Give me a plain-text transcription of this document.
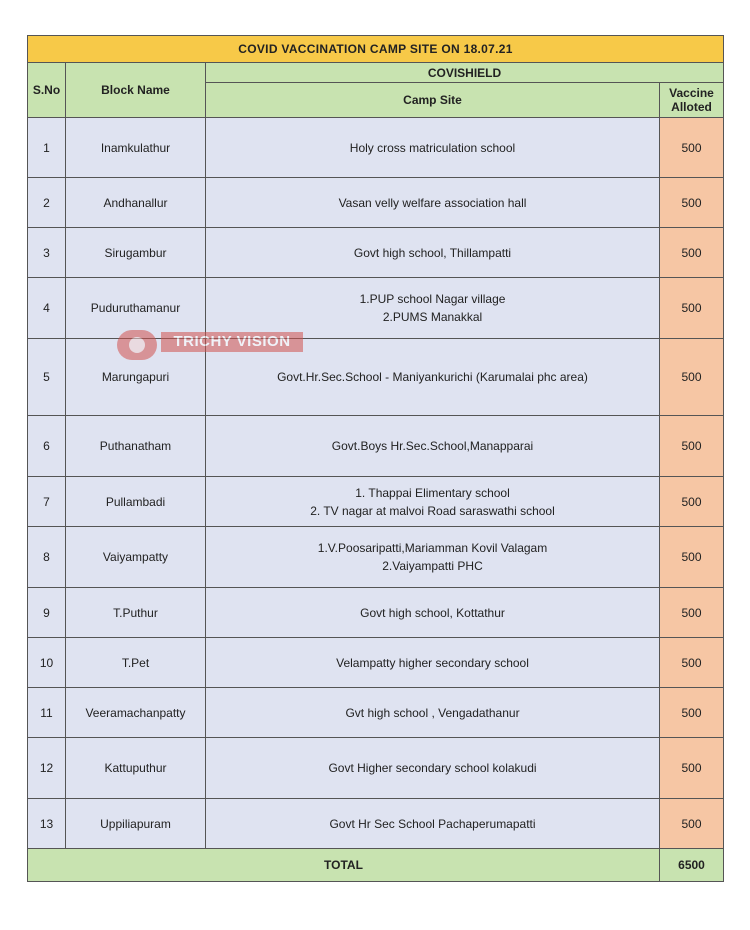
COVID VACCINATION CAMP SITE ON 18.07.21			
S.No	Block Name	COVISHIELD	
		Camp Site	Vaccine
Alloted
1	Inamkulathur	Holy cross matriculation school	500
2	Andhanallur	Vasan velly welfare association hall	500
3	Sirugambur	Govt high school, Thillampatti	500
4	Puduruthamanur	1.PUP school Nagar village
2.PUMS Manakkal	500
5	Marungapuri	Govt.Hr.Sec.School - Maniyankurichi (Karumalai phc area)	500
6	Puthanatham	Govt.Boys Hr.Sec.School,Manapparai	500
7	Pullambadi	1. Thappai Elimentary school
2. TV nagar at malvoi Road saraswathi school	500
8	Vaiyampatty	1.V.Poosaripatti,Mariamman Kovil Valagam
2.Vaiyampatti PHC	500
9	T.Puthur	Govt high school, Kottathur	500
10	T.Pet	Velampatty higher secondary school	500
11	Veeramachanpatty	Gvt high school , Vengadathanur	500
12	Kattuputhur	Govt Higher secondary school kolakudi	500
13	Uppiliapuram	Govt Hr Sec School Pachaperumapatti	500
TOTAL			6500
TRICHY VISION
